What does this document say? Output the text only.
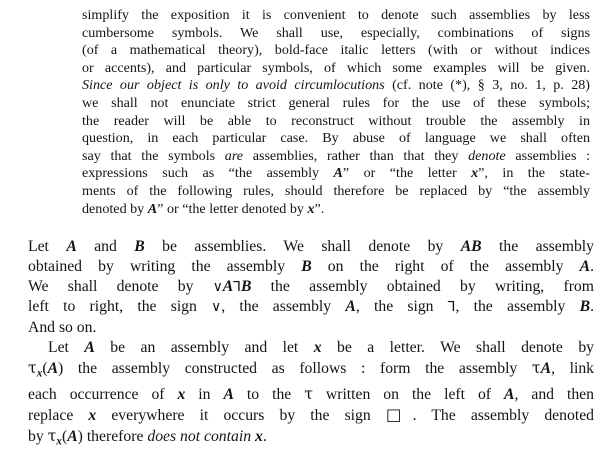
simplify the exposition it is convenient to denote such assemblies by less
cumbersome symbols. We shall use, especially, combinations of signs
(of a mathematical theory), bold-face italic letters (with or without indices
or accents), and particular symbols, of which some examples will be given.
Since our object is only to avoid circumlocutions (cf. note (*), § 3, no. 1, p. 28)
we shall not enunciate strict general rules for the use of these symbols;
the reader will be able to reconstruct without trouble the assembly in
question, in each particular case. By abuse of language we shall often
say that the symbols are assemblies, rather than that they denote assemblies :
expressions such as “the assembly A” or “the letter x”, in the state-
ments of the following rules, should therefore be replaced by “the assembly
denoted by A” or “the letter denoted by x”.
Let A and B be assemblies. We shall denote by AB the assembly
obtained by writing the assembly B on the right of the assembly A.
We shall denote by ∨A⅂B the assembly obtained by writing, from
left to right, the sign ∨, the assembly A, the sign ⅂, the assembly B.
And so on.
Let A be an assembly and let x be a letter. We shall denote by
$\tau_x(A)$ the assembly constructed as follows : form the assembly τA, link
each occurrence of x in A to the τ written on the left of A, and then
replace x everywhere it occurs by the sign □. The assembly denoted
by $\tau_x(A)$ therefore does not contain x.
